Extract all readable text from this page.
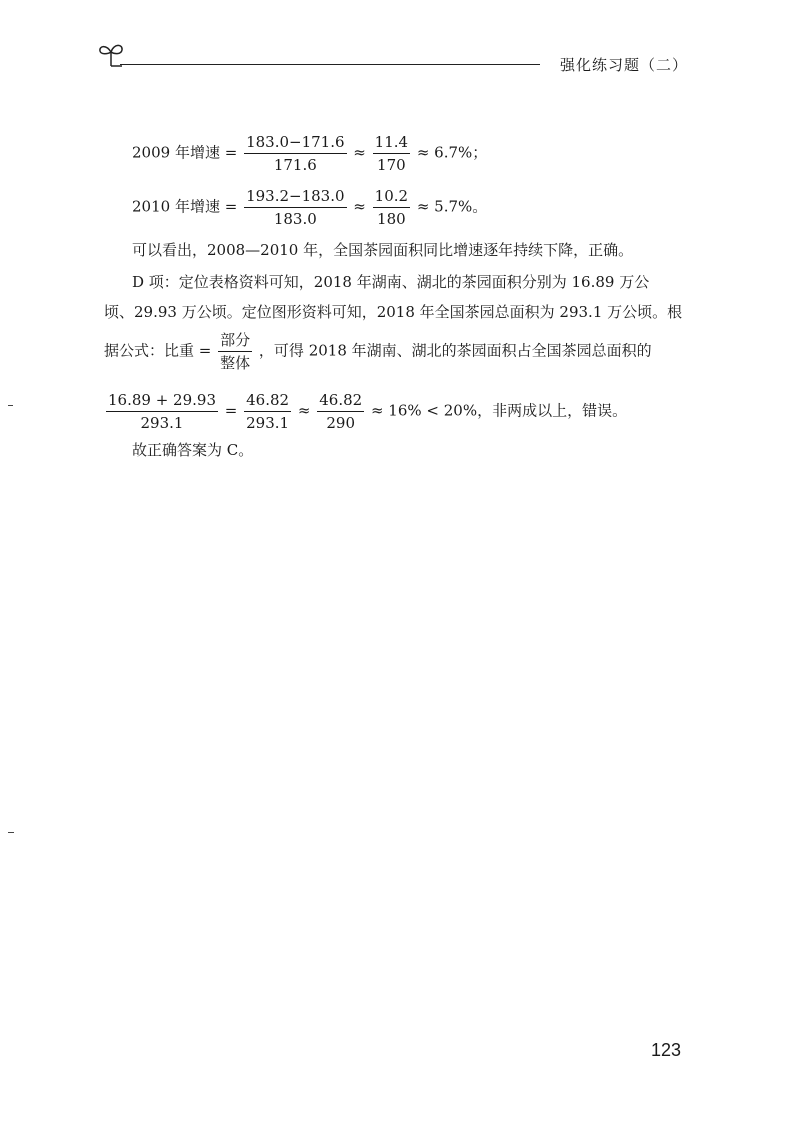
强化练习题（二）
2009 年增速 = $\frac{183.0-171.6}{171.6} \approx \frac{11.4}{170} \approx 6.7\%$；
2010 年增速 = $\frac{193.2-183.0}{183.0} \approx \frac{10.2}{180} \approx 5.7\%$。
可以看出，2008—2010 年，全国茶园面积同比增速逐年持续下降，正确。
D 项：定位表格资料可知，2018 年湖南、湖北的茶园面积分别为 16.89 万公
顷、29.93 万公顷。定位图形资料可知，2018 年全国茶园总面积为 293.1 万公顷。根
据公式：比重 = $\frac{\text{部分}}{\text{整体}}$ ，可得 2018 年湖南、湖北的茶园面积占全国茶园总面积的
$\frac{16.89 + 29.93}{293.1} = \frac{46.82}{293.1} \approx \frac{46.82}{290} \approx 16\% < 20\%$，非两成以上，错误。
故正确答案为 C。
123
